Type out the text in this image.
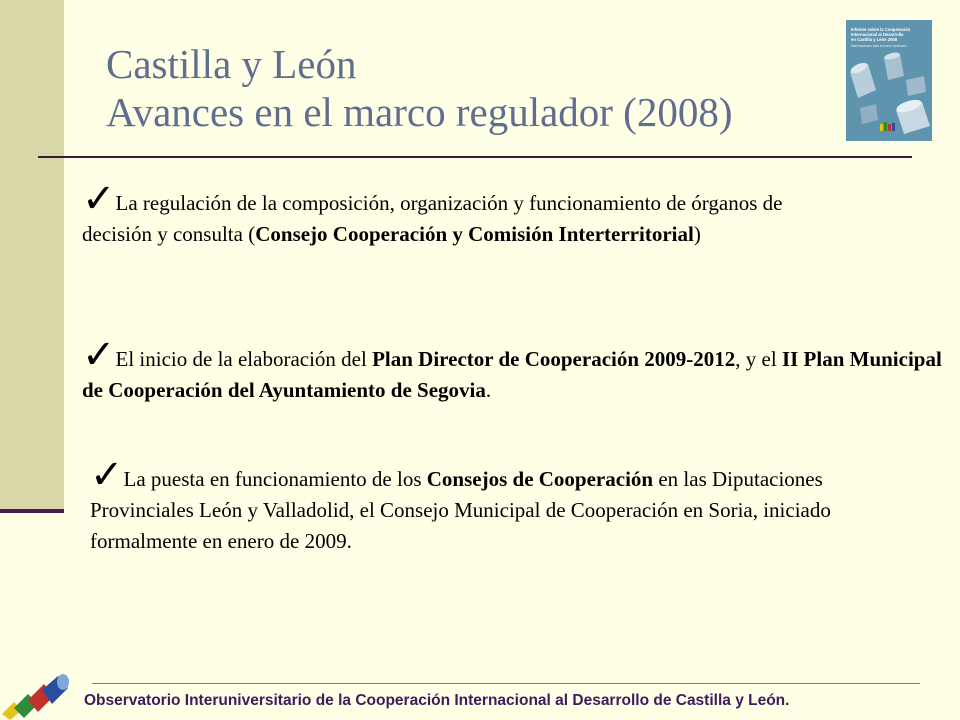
Castilla y León
Avances en el marco regulador (2008)
Informe sobre la Cooperación
Internacional al Desarrollo
en Castilla y León 2008
Interrelaciones ante el nuevo escenario
✓La regulación de la composición, organización y funcionamiento de órganos de decisión y consulta (Consejo Cooperación y Comisión Interterritorial)
✓El inicio de la elaboración del Plan Director de Cooperación 2009-2012, y el II Plan Municipal de Cooperación del Ayuntamiento de Segovia.
✓La puesta en funcionamiento de los Consejos de Cooperación en las Diputaciones Provinciales León y Valladolid, el Consejo Municipal de Cooperación en Soria, iniciado formalmente en enero de 2009.

Observatorio Interuniversitario de la Cooperación Internacional al Desarrollo de Castilla y León.
